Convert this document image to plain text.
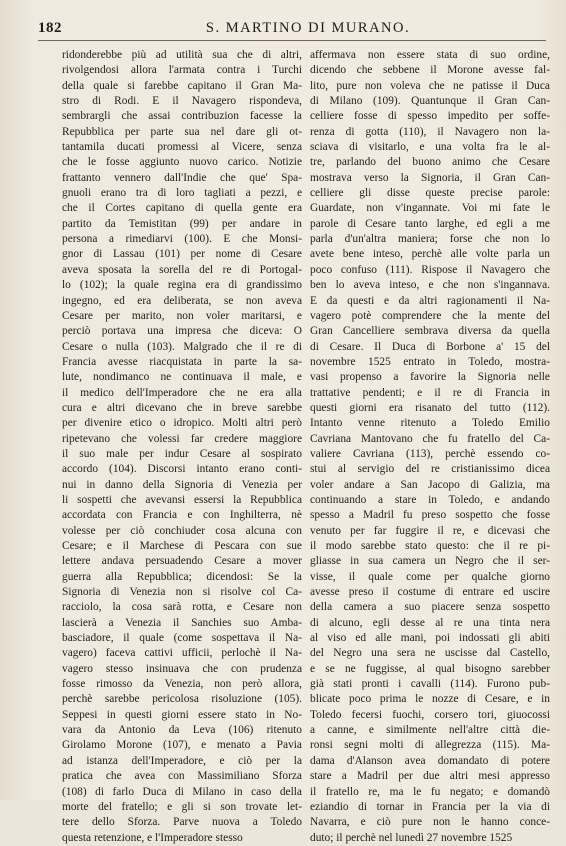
182	S. MARTINO DI MURANO.
ridonderebbe più ad utilità sua che di altri,
rivolgendosi allora l'armata contra i Turchi
della quale si farebbe capitano il Gran Ma-
stro di Rodi. E il Navagero rispondeva,
sembrargli che assai contribuzion facesse la
Repubblica per parte sua nel dare gli ot-
tantamila ducati promessi al Vicere, senza
che le fosse aggiunto nuovo carico. Notizie
frattanto vennero dall'Indie che que' Spa-
gnuoli erano tra di loro tagliati a pezzi, e
che il Cortes capitano di quella gente era
partito da Temistitan (99) per andare in
persona a rimediarvi (100). E che Monsi-
gnor di Lassau (101) per nome di Cesare
aveva sposata la sorella del re di Portogal-
lo (102); la quale regina era di grandissimo
ingegno, ed era deliberata, se non aveva
Cesare per marito, non voler maritarsi, e
perciò portava una impresa che diceva: O
Cesare o nulla (103). Malgrado che il re di
Francia avesse riacquistata in parte la sa-
lute, nondimanco ne continuava il male, e
il medico dell'Imperadore che ne era alla
cura e altri dicevano che in breve sarebbe
per divenire etico o idropico. Molti altri però
ripetevano che volessi far credere maggiore
il suo male per indur Cesare al sospirato
accordo (104). Discorsi intanto erano conti-
nui in danno della Signoria di Venezia per
li sospetti che avevansi essersi la Repubblica
accordata con Francia e con Inghilterra, nè
volesse per ciò conchiuder cosa alcuna con
Cesare; e il Marchese di Pescara con sue
lettere andava persuadendo Cesare a mover
guerra alla Repubblica; dicendosi: Se la
Signoria di Venezia non si risolve col Ca-
racciolo, la cosa sarà rotta, e Cesare non
lascierà a Venezia il Sanchies suo Amba-
basciadore, il quale (come sospettava il Na-
vagero) faceva cattivi ufficii, perlochè il Na-
vagero stesso insinuava che con prudenza
fosse rimosso da Venezia, non però allora,
perchè sarebbe pericolosa risoluzione (105).
Seppesi in questi giorni essere stato in No-
vara da Antonio da Leva (106) ritenuto
Girolamo Morone (107), e menato a Pavia
ad istanza dell'Imperadore, e ciò per la
pratica che avea con Massimiliano Sforza
(108) di farlo Duca di Milano in caso della
morte del fratello; e gli si son trovate let-
tere dello Sforza. Parve nuova a Toledo
questa retenzione, e l'Imperadore stesso
affermava non essere stata di suo ordine,
dicendo che sebbene il Morone avesse fal-
lito, pure non voleva che ne patisse il Duca
di Milano (109). Quantunque il Gran Can-
celliere fosse di spesso impedito per soffe-
renza di gotta (110), il Navagero non la-
sciava di visitarlo, e una volta fra le al-
tre, parlando del buono animo che Cesare
mostrava verso la Signoria, il Gran Can-
celliere gli disse queste precise parole:
Guardate, non v'ingannate. Voi mi fate le
parole di Cesare tanto larghe, ed egli a me
parla d'un'altra maniera; forse che non lo
avete bene inteso, perchè alle volte parla un
poco confuso (111). Rispose il Navagero che
ben lo aveva inteso, e che non s'ingannava.
E da questi e da altri ragionamenti il Na-
vagero potè comprendere che la mente del
Gran Cancelliere sembrava diversa da quella
di Cesare. Il Duca di Borbone a' 15 del
novembre 1525 entrato in Toledo, mostra-
vasi propenso a favorire la Signoria nelle
trattative pendenti; e il re di Francia in
questi giorni era risanato del tutto (112).
Intanto venne ritenuto a Toledo Emilio
Cavriana Mantovano che fu fratello del Ca-
valiere Cavriana (113), perchè essendo co-
stui al servigio del re cristianissimo dicea
voler andare a San Jacopo di Galizia, ma
continuando a stare in Toledo, e andando
spesso a Madril fu preso sospetto che fosse
venuto per far fuggire il re, e dicevasi che
il modo sarebbe stato questo: che il re pi-
gliasse in sua camera un Negro che il ser-
visse, il quale come per qualche giorno
avesse preso il costume di entrare ed uscire
della camera a suo piacere senza sospetto
di alcuno, egli desse al re una tinta nera
al viso ed alle mani, poi indossati gli abiti
del Negro una sera ne uscisse dal Castello,
e se ne fuggisse, al qual bisogno sarebber
già stati pronti i cavalli (114). Furono pub-
blicate poco prima le nozze di Cesare, e in
Toledo fecersi fuochi, corsero tori, giuocossi
a canne, e similmente nell'altre città die-
ronsi segni molti di allegrezza (115). Ma-
dama d'Alanson avea domandato di potere
stare a Madril per due altri mesi appresso
il fratello re, ma le fu negato; e domandò
eziandio di tornar in Francia per la via di
Navarra, e ciò pure non le hanno conce-
duto; il perchè nel lunedì 27 novembre 1525
